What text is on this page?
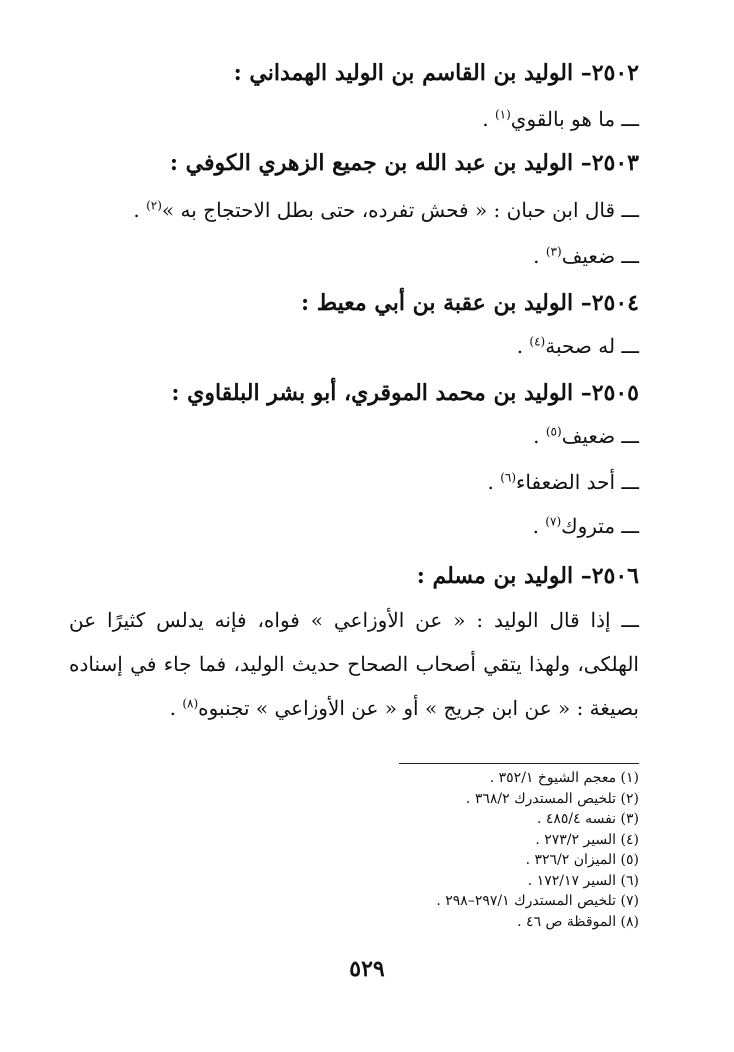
٢٥٠٢– الوليد بن القاسم بن الوليد الهمداني :
ـــ ما هو بالقوي$^{(١)}$ .
٢٥٠٣– الوليد بن عبد الله بن جميع الزهري الكوفي :
ـــ قال ابن حبان : « فحش تفرده، حتى بطل الاحتجاج به »$^{(٢)}$ .
ـــ ضعيف$^{(٣)}$ .
٢٥٠٤– الوليد بن عقبة بن أبي معيط :
ـــ له صحبة$^{(٤)}$ .
٢٥٠٥– الوليد بن محمد الموقري، أبو بشر البلقاوي :
ـــ ضعيف$^{(٥)}$ .
ـــ أحد الضعفاء$^{(٦)}$ .
ـــ متروك$^{(٧)}$ .
٢٥٠٦– الوليد بن مسلم :
ـــ إذا قال الوليد : « عن الأوزاعي » فواه، فإنه يدلس كثيرًا عن الهلكى، ولهذا يتقي أصحاب الصحاح حديث الوليد، فما جاء في إسناده بصيغة : « عن ابن جريج » أو « عن الأوزاعي » تجنبوه$^{(٨)}$ .
(١) معجم الشيوخ ٣٥٢/١ .
(٢) تلخيص المستدرك ٣٦٨/٢ .
(٣) نفسه ٤٨٥/٤ .
(٤) السير ٢٧٣/٢ .
(٥) الميزان ٣٢٦/٢ .
(٦) السير ١٧٢/١٧ .
(٧) تلخيص المستدرك ٢٩٧/١–٢٩٨ .
(٨) الموقظة ص ٤٦ .
٥٢٩
